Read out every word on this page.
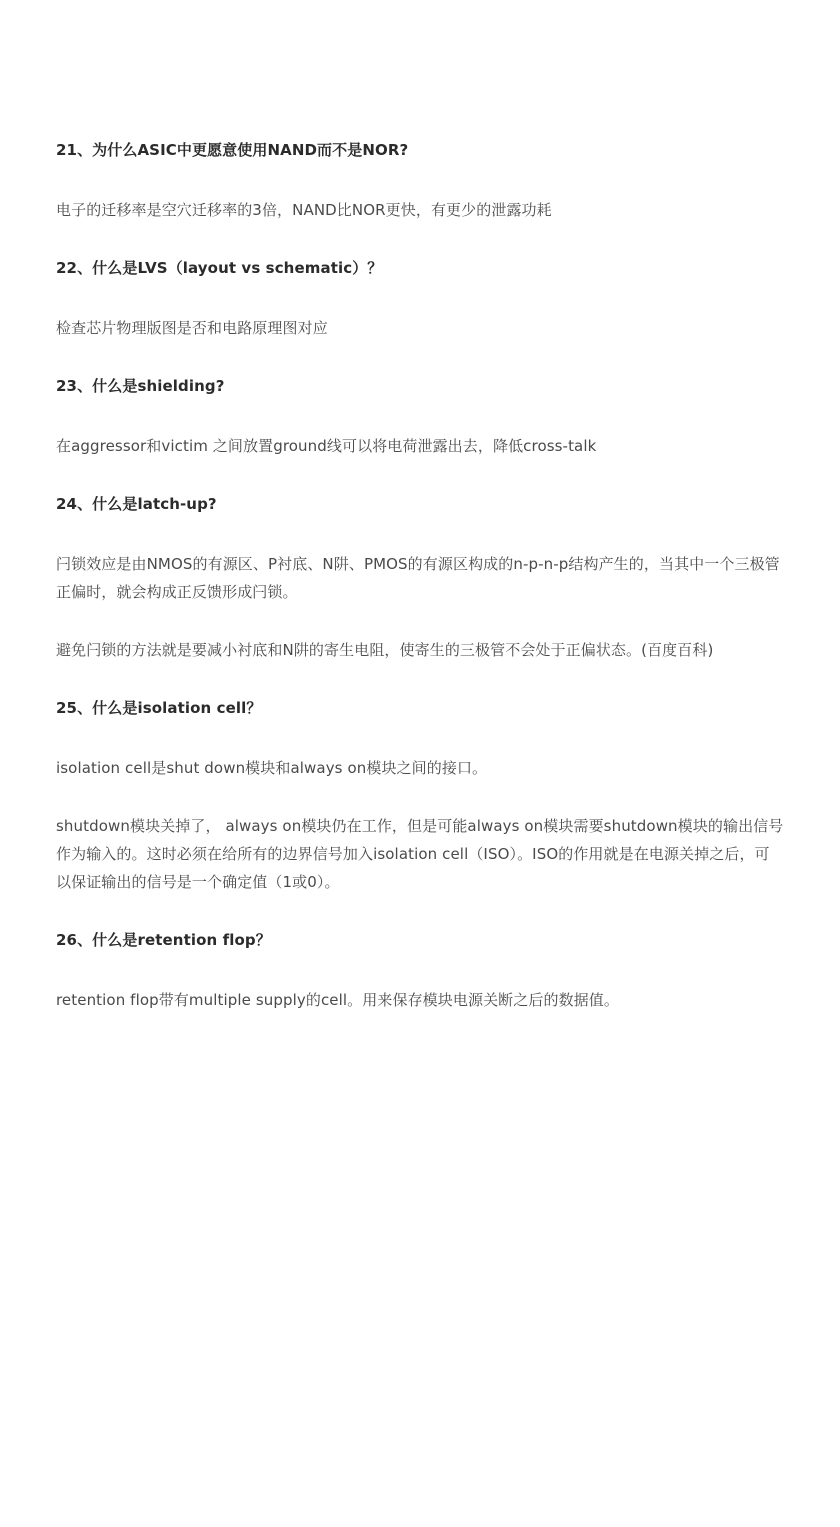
21、为什么ASIC中更愿意使用NAND而不是NOR?

电子的迁移率是空穴迁移率的3倍，NAND比NOR更快，有更少的泄露功耗

22、什么是LVS（layout vs schematic）？

检查芯片物理版图是否和电路原理图对应

23、什么是shielding?

在aggressor和victim 之间放置ground线可以将电荷泄露出去，降低cross-talk

24、什么是latch-up?

闩锁效应是由NMOS的有源区、P衬底、N阱、PMOS的有源区构成的n-p-n-p结构产生的，当其中一个三极管正偏时，就会构成正反馈形成闩锁。

避免闩锁的方法就是要减小衬底和N阱的寄生电阻，使寄生的三极管不会处于正偏状态。(百度百科)

25、什么是isolation cell？

isolation cell是shut down模块和always on模块之间的接口。

shutdown模块关掉了， always on模块仍在工作，但是可能always on模块需要shutdown模块的输出信号作为输入的。这时必须在给所有的边界信号加入isolation cell（ISO）。ISO的作用就是在电源关掉之后，可以保证输出的信号是一个确定值（1或0）。

26、什么是retention flop？

retention flop带有multiple supply的cell。用来保存模块电源关断之后的数据值。
